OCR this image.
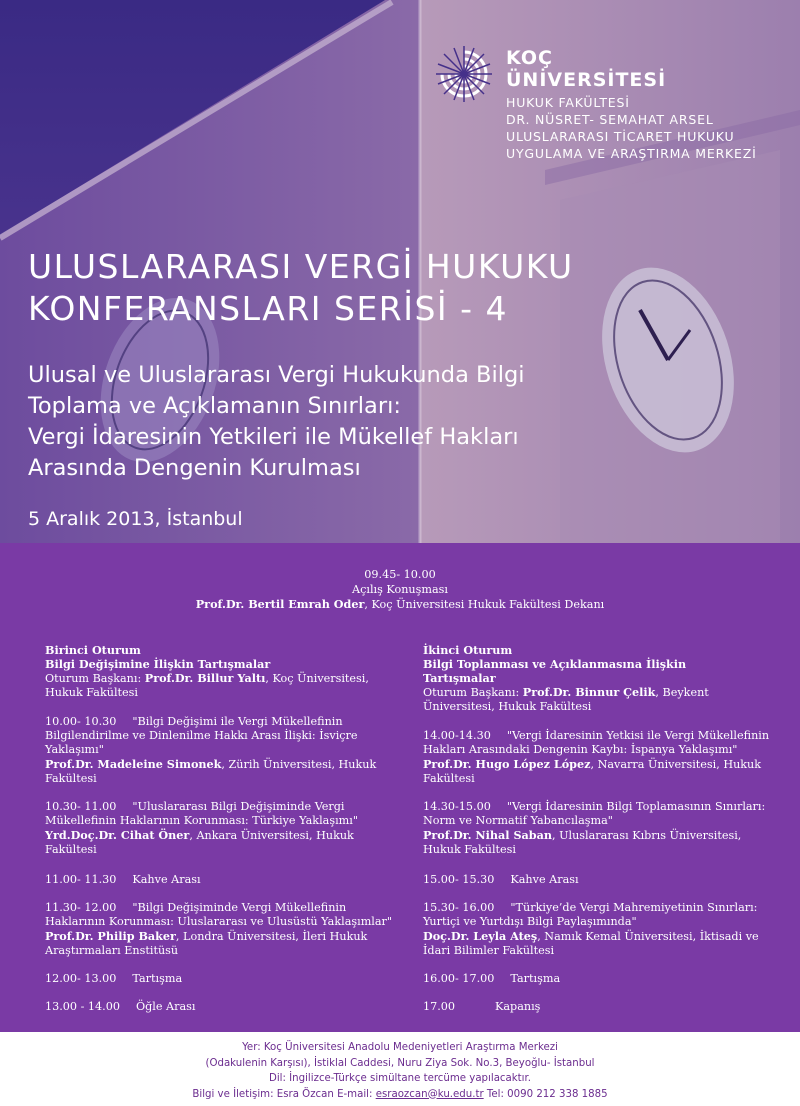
KOÇ
ÜNİVERSİTESİ
HUKUK FAKÜLTESİ
DR. NÜSRET- SEMAHAT ARSEL
ULUSLARARASI TİCARET HUKUKU
UYGULAMA VE ARAŞTIRMA MERKEZİ
ULUSLARARASI VERGİ HUKUKU
KONFERANSLARI SERİSİ - 4
Ulusal ve Uluslararası Vergi Hukukunda Bilgi
Toplama ve Açıklamanın Sınırları:
Vergi İdaresinin Yetkileri ile Mükellef Hakları
Arasında Dengenin Kurulması
5 Aralık 2013, İstanbul
09.45- 10.00
Açılış Konuşması
Prof.Dr. Bertil Emrah Oder, Koç Üniversitesi Hukuk Fakültesi Dekanı
Birinci Oturum
Bilgi Değişimine İlişkin Tartışmalar
Oturum Başkanı: Prof.Dr. Billur Yaltı, Koç Üniversitesi,
Hukuk Fakültesi
10.00- 10.30 "Bilgi Değişimi ile Vergi Mükellefinin
Bilgilendirilme ve Dinlenilme Hakkı Arası İlişki: İsviçre
Yaklaşımı"
Prof.Dr. Madeleine Simonek, Zürih Üniversitesi, Hukuk
Fakültesi
10.30- 11.00 "Uluslararası Bilgi Değişiminde Vergi
Mükellefinin Haklarının Korunması: Türkiye Yaklaşımı"
Yrd.Doç.Dr. Cihat Öner, Ankara Üniversitesi, Hukuk
Fakültesi
11.00- 11.30 Kahve Arası
11.30- 12.00 "Bilgi Değişiminde Vergi Mükellefinin
Haklarının Korunması: Uluslararası ve Ulusüstü Yaklaşımlar"
Prof.Dr. Philip Baker, Londra Üniversitesi, İleri Hukuk
Araştırmaları Enstitüsü
12.00- 13.00 Tartışma
13.00 - 14.00 Öğle Arası
İkinci Oturum
Bilgi Toplanması ve Açıklanmasına İlişkin
Tartışmalar
Oturum Başkanı: Prof.Dr. Binnur Çelik, Beykent
Üniversitesi, Hukuk Fakültesi
14.00-14.30 "Vergi İdaresinin Yetkisi ile Vergi Mükellefinin
Hakları Arasındaki Dengenin Kaybı: İspanya Yaklaşımı"
Prof.Dr. Hugo López López, Navarra Üniversitesi, Hukuk
Fakültesi
14.30-15.00 "Vergi İdaresinin Bilgi Toplamasının Sınırları:
Norm ve Normatif Yabancılaşma"
Prof.Dr. Nihal Saban, Uluslararası Kıbrıs Üniversitesi,
Hukuk Fakültesi
15.00- 15.30 Kahve Arası
15.30- 16.00 "Türkiye’de Vergi Mahremiyetinin Sınırları:
Yurtiçi ve Yurtdışı Bilgi Paylaşımında"
Doç.Dr. Leyla Ateş, Namık Kemal Üniversitesi, İktisadi ve
İdari Bilimler Fakültesi
16.00- 17.00 Tartışma
17.00	Kapanış
Yer: Koç Üniversitesi Anadolu Medeniyetleri Araştırma Merkezi
(Odakulenin Karşısı), İstiklal Caddesi, Nuru Ziya Sok. No.3, Beyoğlu- İstanbul
Dil: İngilizce-Türkçe simültane tercüme yapılacaktır.
Bilgi ve İletişim: Esra Özcan E-mail: esraozcan@ku.edu.tr Tel: 0090 212 338 1885
